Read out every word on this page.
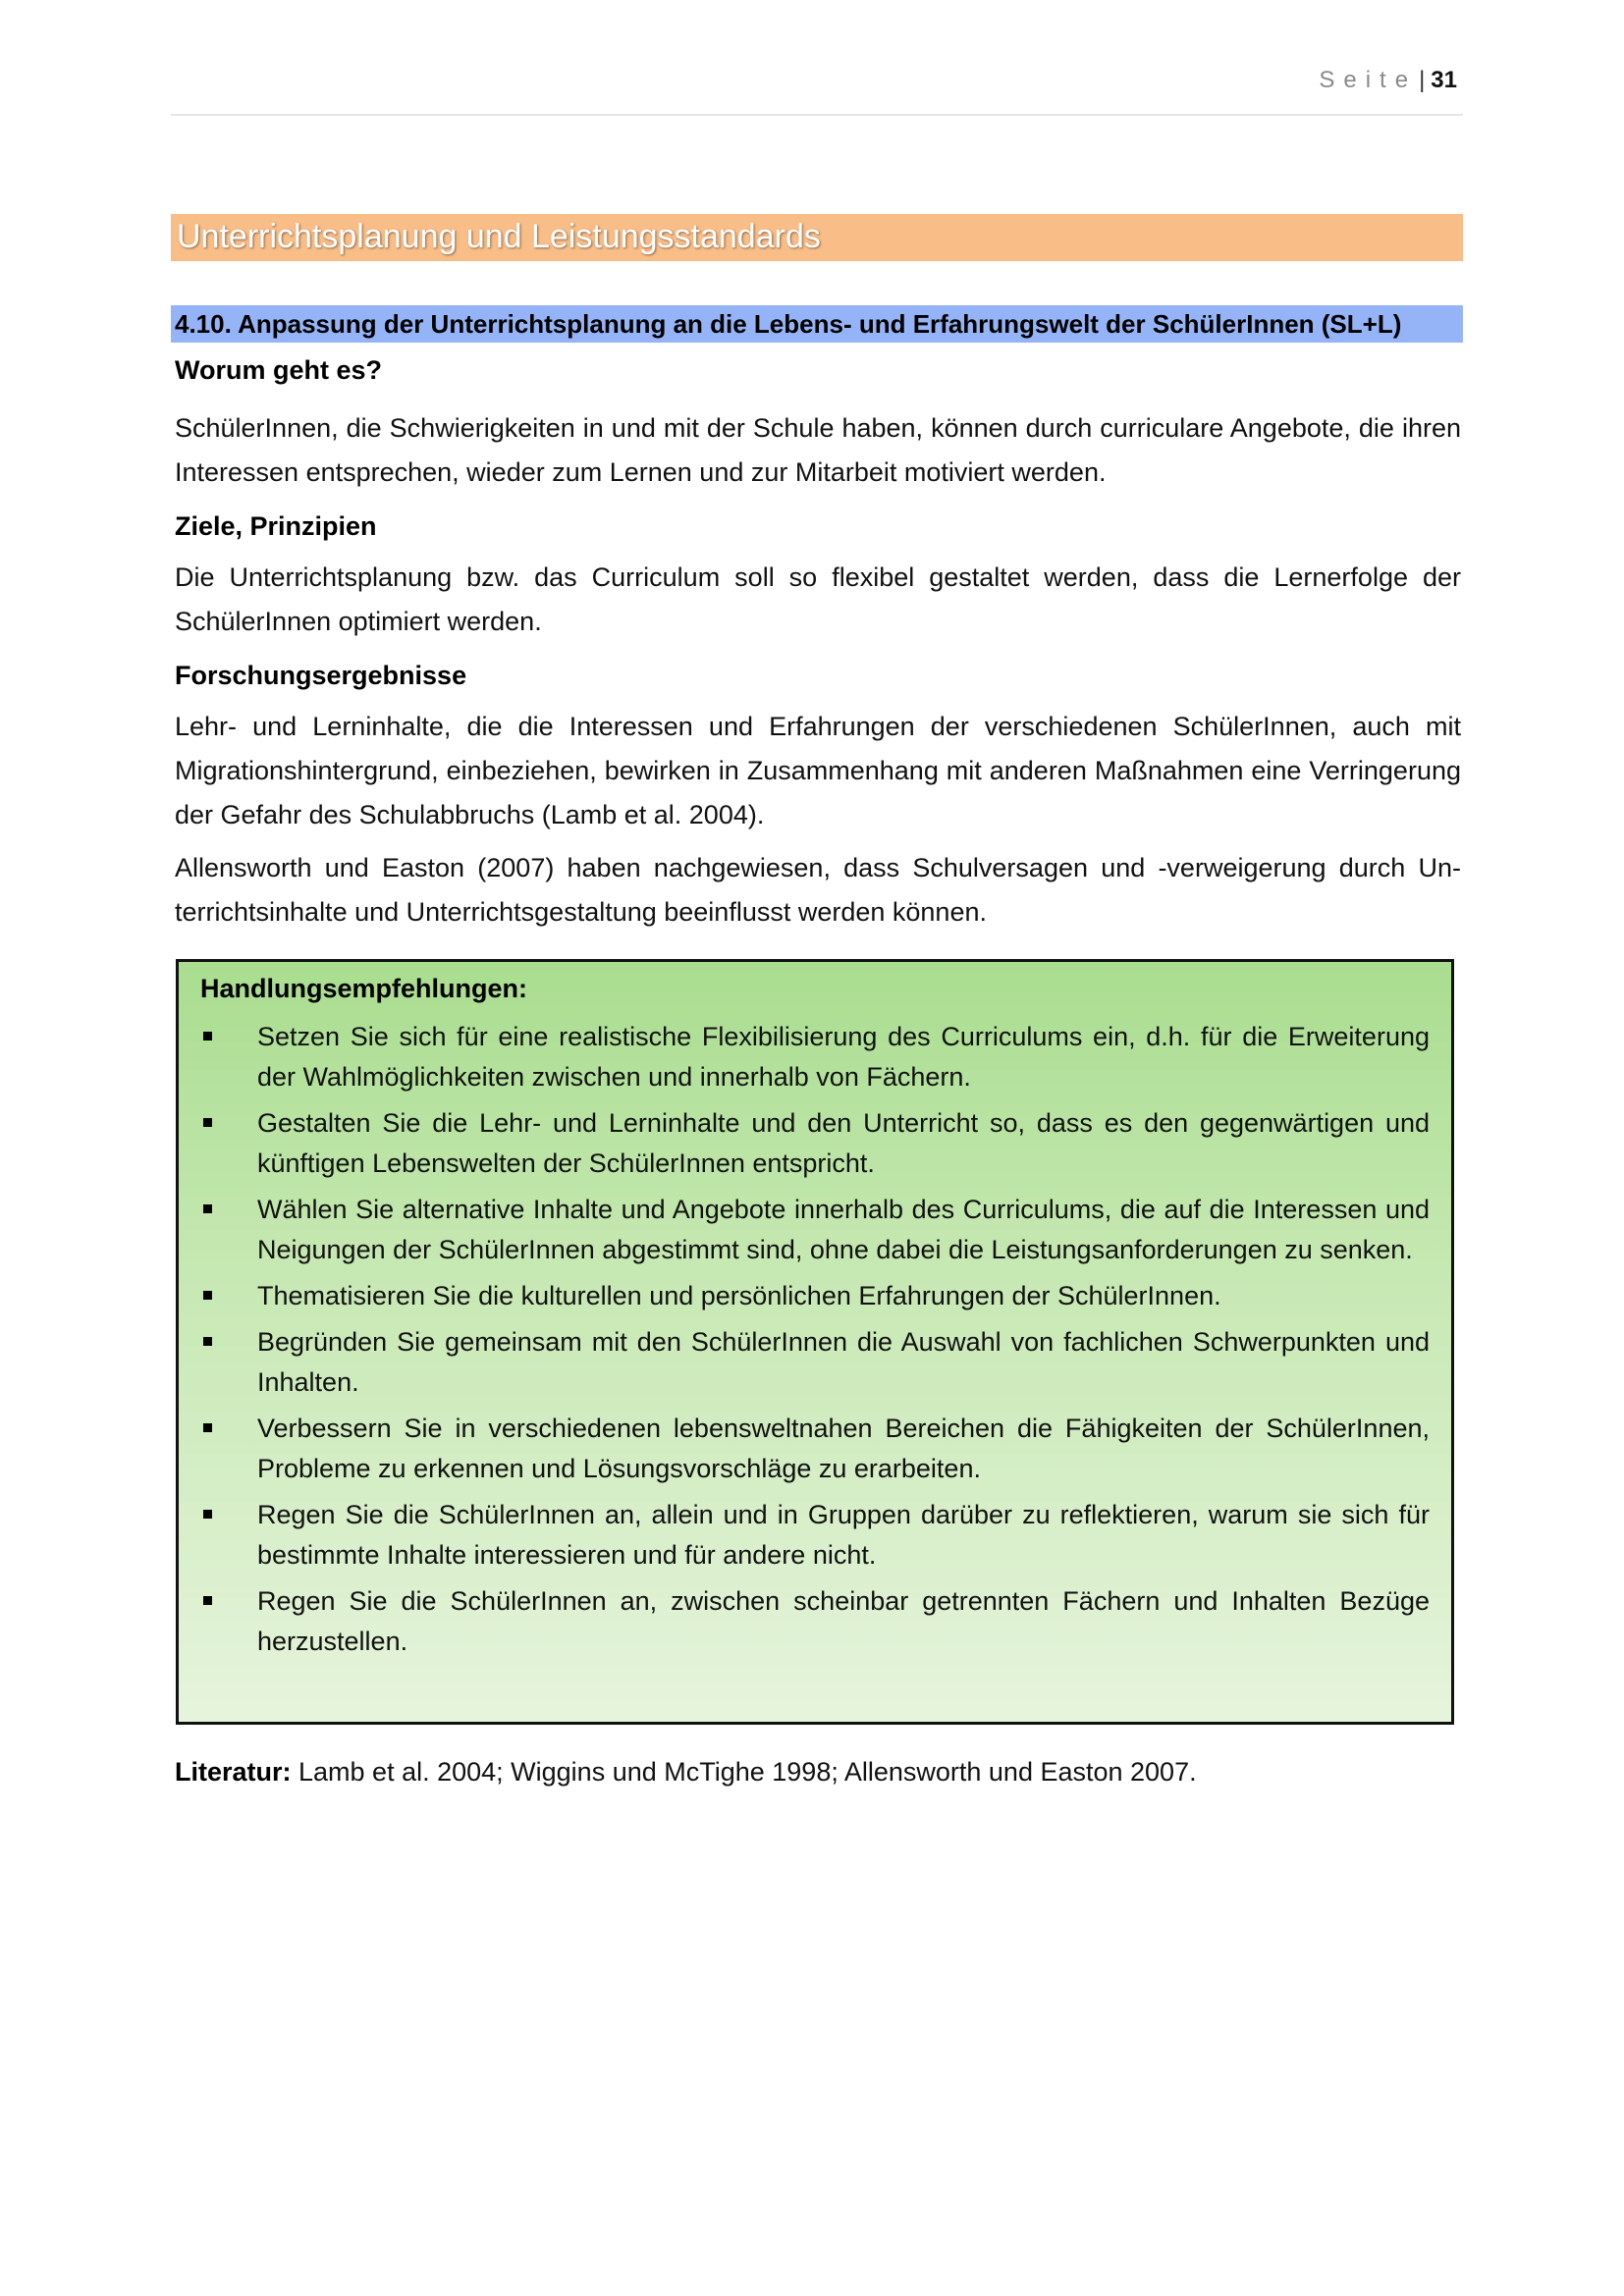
Seite| 31
Unterrichtsplanung und Leistungsstandards
4.10. Anpassung der Unterrichtsplanung an die Lebens- und Erfahrungswelt der SchülerInnen (SL+L)
Worum geht es?
SchülerInnen, die Schwierigkeiten in und mit der Schule haben, können durch curriculare Angebote, die ihren Interessen entsprechen, wieder zum Lernen und zur Mitarbeit motiviert werden.
Ziele, Prinzipien
Die Unterrichtsplanung bzw. das Curriculum soll so flexibel gestaltet werden, dass die Lernerfolge der SchülerInnen optimiert werden.
Forschungsergebnisse
Lehr- und Lerninhalte, die die Interessen und Erfahrungen der verschiedenen SchülerInnen, auch mit Migrationshintergrund, einbeziehen, bewirken in Zusammenhang mit anderen Maßnahmen eine Verringerung der Gefahr des Schulabbruchs (Lamb et al. 2004).
Allensworth und Easton (2007) haben nachgewiesen, dass Schulversagen und -verweigerung durch Unterrichtsinhalte und Unterrichtsgestaltung beeinflusst werden können.
Handlungsempfehlungen:
Setzen Sie sich für eine realistische Flexibilisierung des Curriculums ein, d.h. für die Erweiterung der Wahlmöglichkeiten zwischen und innerhalb von Fächern.
Gestalten Sie die Lehr- und Lerninhalte und den Unterricht so, dass es den gegenwärtigen und künftigen Lebenswelten der SchülerInnen entspricht.
Wählen Sie alternative Inhalte und Angebote innerhalb des Curriculums, die auf die Interessen und Neigungen der SchülerInnen abgestimmt sind, ohne dabei die Leistungsanforderungen zu senken.
Thematisieren Sie die kulturellen und persönlichen Erfahrungen der SchülerInnen.
Begründen Sie gemeinsam mit den SchülerInnen die Auswahl von fachlichen Schwerpunkten und Inhalten.
Verbessern Sie in verschiedenen lebensweltnahen Bereichen die Fähigkeiten der SchülerInnen, Probleme zu erkennen und Lösungsvorschläge zu erarbeiten.
Regen Sie die SchülerInnen an, allein und in Gruppen darüber zu reflektieren, warum sie sich für bestimmte Inhalte interessieren und für andere nicht.
Regen Sie die SchülerInnen an, zwischen scheinbar getrennten Fächern und Inhalten Bezüge herzustellen.
Literatur: Lamb et al. 2004; Wiggins und McTighe 1998; Allensworth und Easton 2007.
